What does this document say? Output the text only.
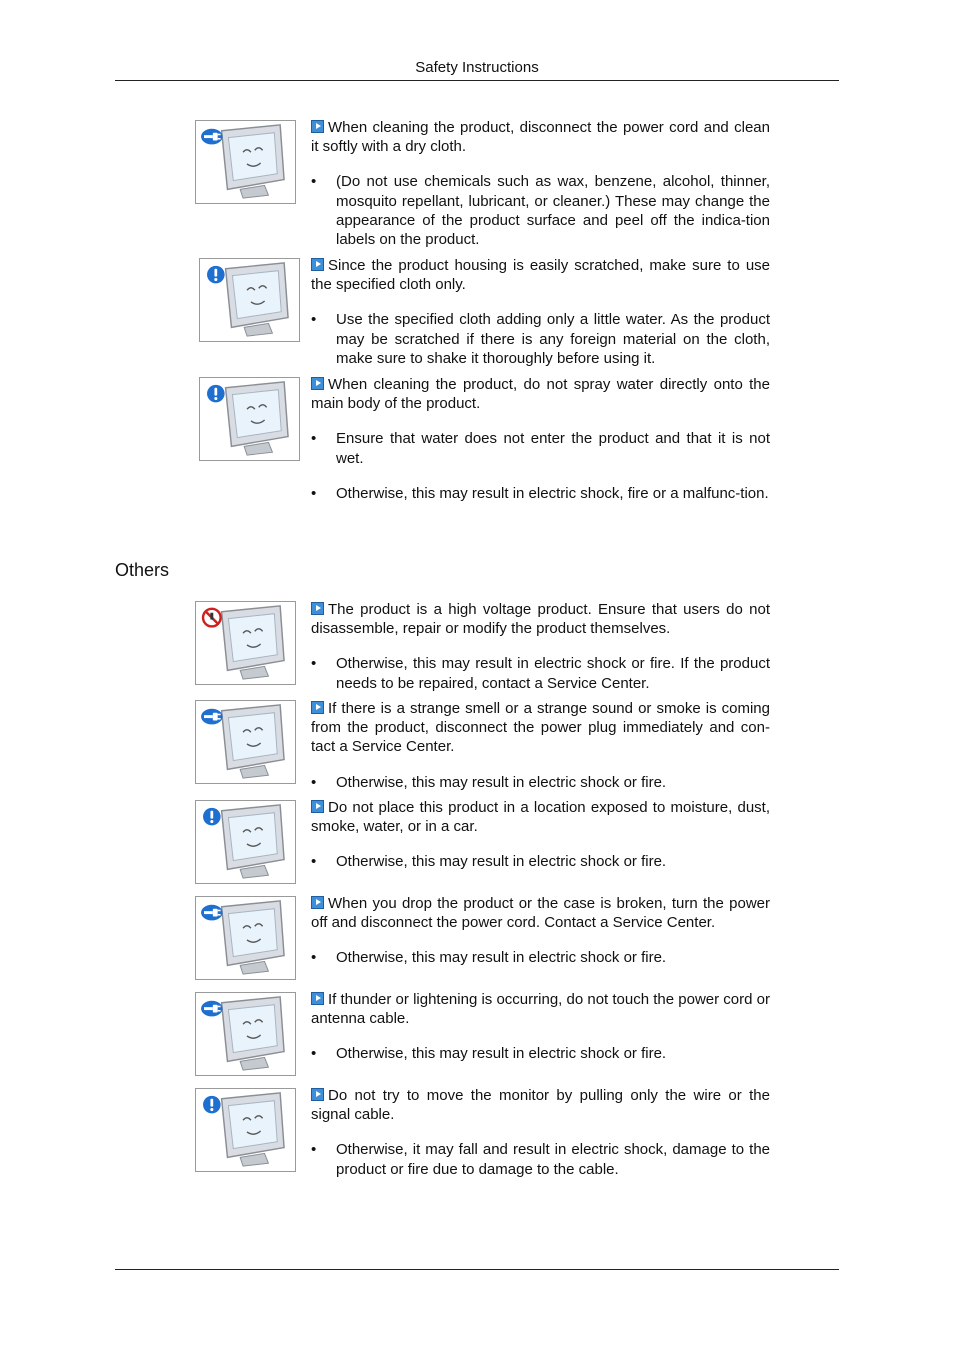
Safety Instructions
Others

When cleaning the product, disconnect the power cord and clean it softly with a dry cloth.

• (Do not use chemicals such as wax, benzene, alcohol, thinner, mosquito repellant, lubricant, or cleaner.) These may change the appearance of the product surface and peel off the indica-tion labels on the product.

Since the product housing is easily scratched, make sure to use the specified cloth only.

• Use the specified cloth adding only a little water. As the product may be scratched if there is any foreign material on the cloth, make sure to shake it thoroughly before using it.

When cleaning the product, do not spray water directly onto the main body of the product.

• Ensure that water does not enter the product and that it is not wet.
• Otherwise, this may result in electric shock, fire or a malfunc-tion.

The product is a high voltage product. Ensure that users do not disassemble, repair or modify the product themselves.

• Otherwise, this may result in electric shock or fire. If the product needs to be repaired, contact a Service Center.

If there is a strange smell or a strange sound or smoke is coming from the product, disconnect the power plug immediately and con-tact a Service Center.

• Otherwise, this may result in electric shock or fire.

Do not place this product in a location exposed to moisture, dust, smoke, water, or in a car.

• Otherwise, this may result in electric shock or fire.

When you drop the product or the case is broken, turn the power off and disconnect the power cord. Contact a Service Center.

• Otherwise, this may result in electric shock or fire.

If thunder or lightening is occurring, do not touch the power cord or antenna cable.

• Otherwise, this may result in electric shock or fire.

Do not try to move the monitor by pulling only the wire or the signal cable.

• Otherwise, it may fall and result in electric shock, damage to the product or fire due to damage to the cable.
